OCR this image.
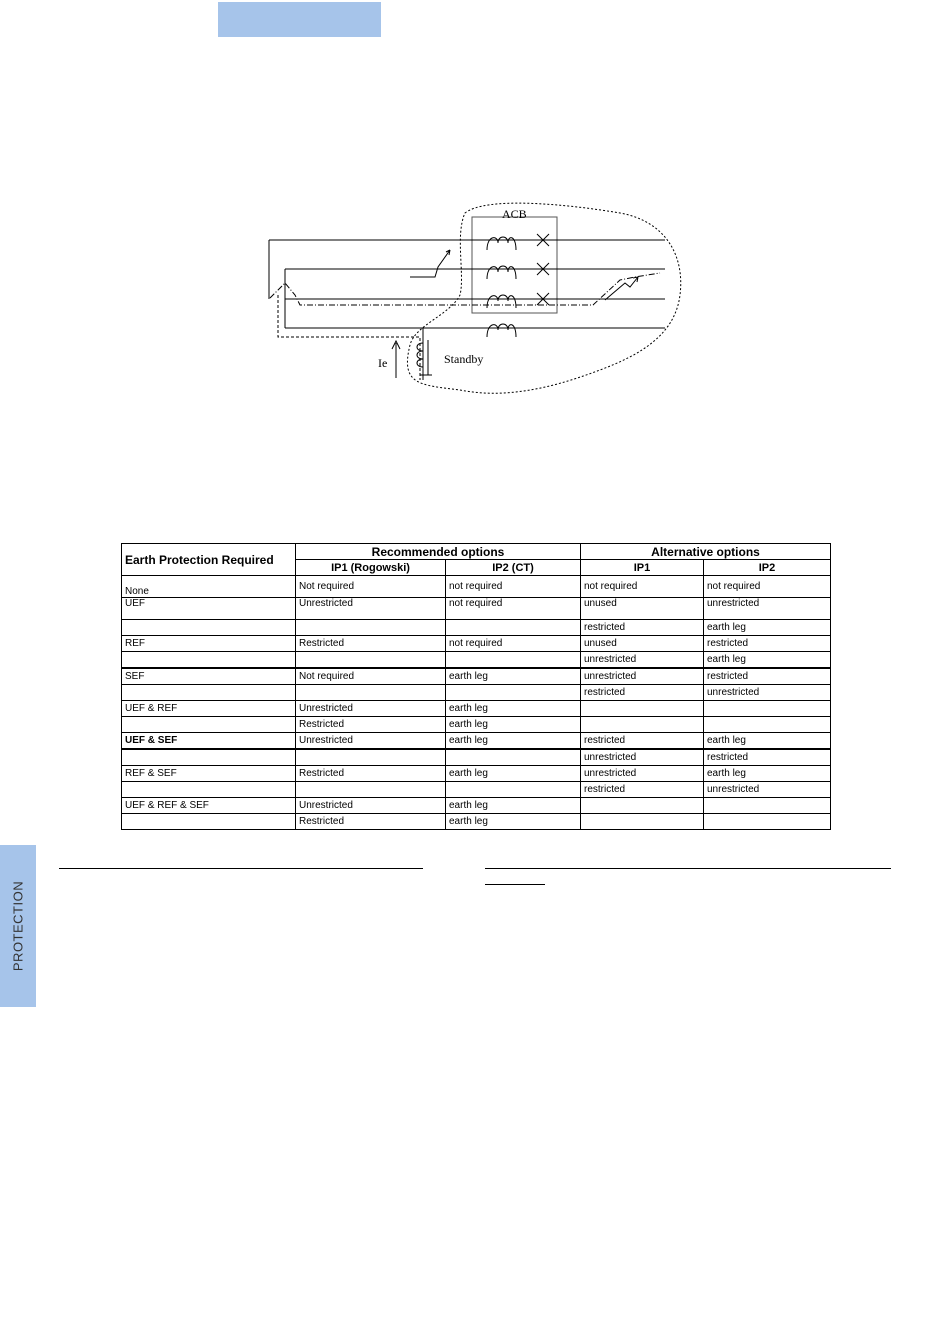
ACB
Ie	Standby
Earth Protection Required	Recommended options		Alternative options	
	IP1 (Rogowski)	IP2 (CT)	IP1	IP2
None	Not required	not required	not required	not required
UEF	Unrestricted	not required	unused	unrestricted
			restricted	earth leg
REF	Restricted	not required	unused	restricted
			unrestricted	earth leg
SEF	Not required	earth leg	unrestricted	restricted
			restricted	unrestricted
UEF & REF	Unrestricted	earth leg		
	Restricted	earth leg		
UEF & SEF	Unrestricted	earth leg	restricted	earth leg
			unrestricted	restricted
REF & SEF	Restricted	earth leg	unrestricted	earth leg
			restricted	unrestricted
UEF & REF & SEF	Unrestricted	earth leg		
	Restricted	earth leg		
PROTECTION
